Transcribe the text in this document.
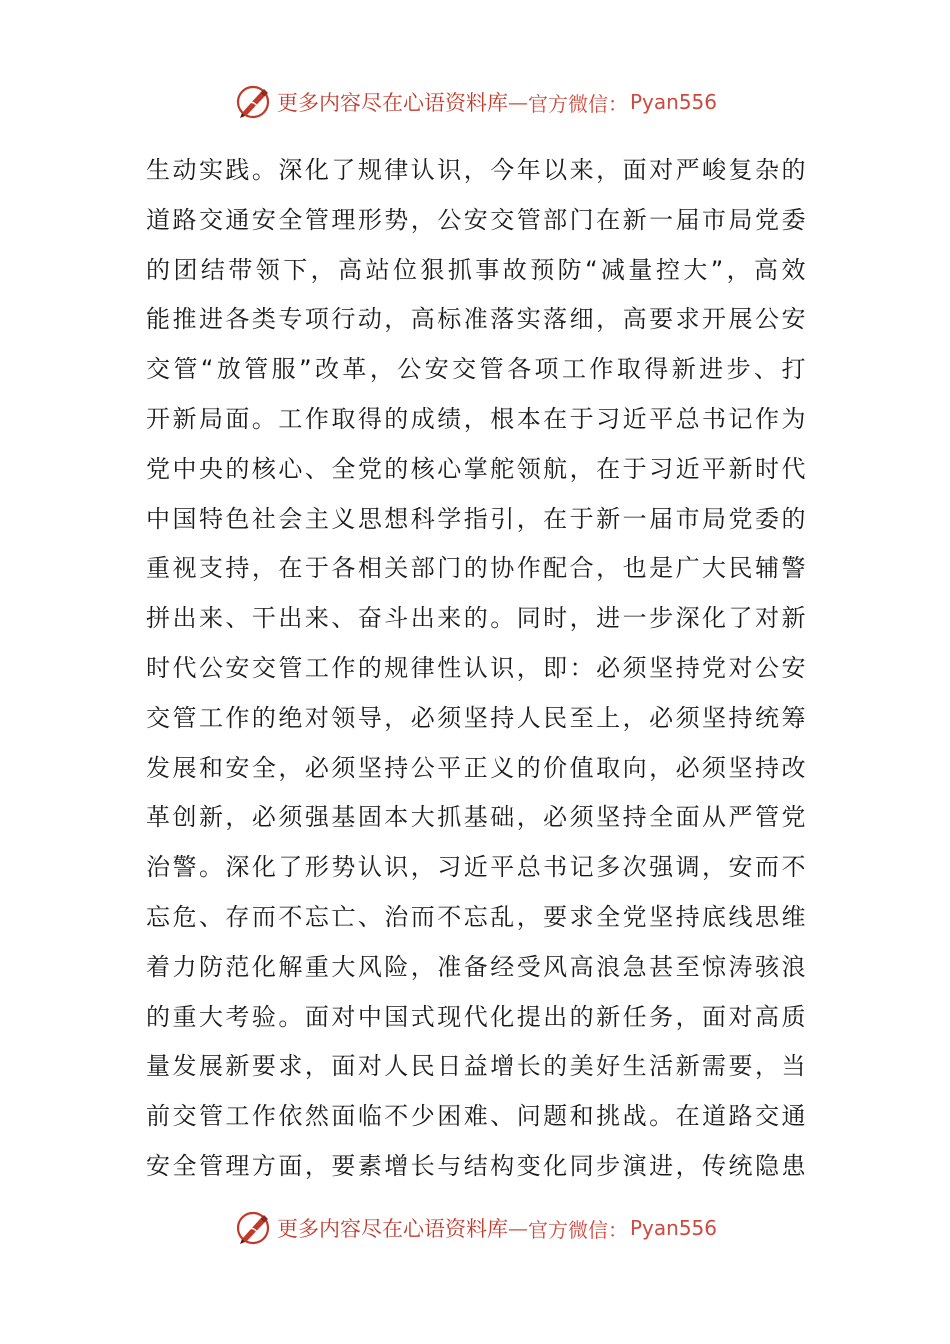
更多内容尽在心语资料库 — 官方微信： Pyan556
生动实践。深化了规律认识，今年以来，面对严峻复杂的
道路交通安全管理形势，公安交管部门在新一届市局党委
的团结带领下，高站位狠抓事故预防“减量控大”，高效
能推进各类专项行动，高标准落实落细，高要求开展公安
交管“放管服”改革，公安交管各项工作取得新进步、打
开新局面。工作取得的成绩，根本在于习近平总书记作为
党中央的核心、全党的核心掌舵领航，在于习近平新时代
中国特色社会主义思想科学指引，在于新一届市局党委的
重视支持，在于各相关部门的协作配合，也是广大民辅警
拼出来、干出来、奋斗出来的。同时，进一步深化了对新
时代公安交管工作的规律性认识，即：必须坚持党对公安
交管工作的绝对领导，必须坚持人民至上，必须坚持统筹
发展和安全，必须坚持公平正义的价值取向，必须坚持改
革创新，必须强基固本大抓基础，必须坚持全面从严管党
治警。深化了形势认识，习近平总书记多次强调，安而不
忘危、存而不忘亡、治而不忘乱，要求全党坚持底线思维
着力防范化解重大风险，准备经受风高浪急甚至惊涛骇浪
的重大考验。面对中国式现代化提出的新任务，面对高质
量发展新要求，面对人民日益增长的美好生活新需要，当
前交管工作依然面临不少困难、问题和挑战。在道路交通
安全管理方面，要素增长与结构变化同步演进，传统隐患
更多内容尽在心语资料库 — 官方微信： Pyan556
